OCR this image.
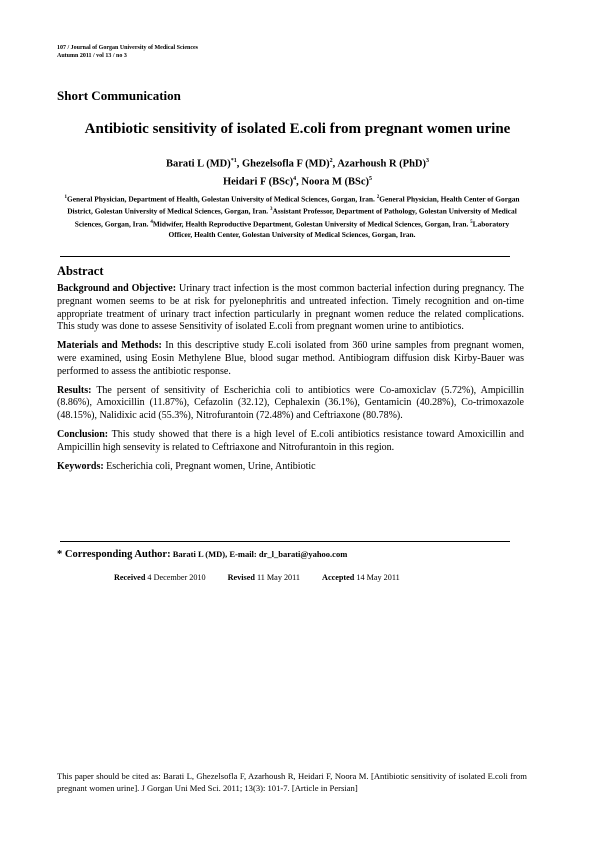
107 / Journal of Gorgan University of Medical Sciences
Autumn 2011 / vol 13 / no 3
Short Communication
Antibiotic sensitivity of isolated E.coli from pregnant women urine
Barati L (MD)$^{*1}$, Ghezelsofla F (MD)$^2$, Azarhoush R (PhD)$^3$
Heidari F (BSc)$^4$, Noora M (BSc)$^5$
$^1$General Physician, Department of Health, Golestan University of Medical Sciences, Gorgan, Iran. $^2$General Physician, Health Center of Gorgan District, Golestan University of Medical Sciences, Gorgan, Iran. $^3$Assistant Professor, Department of Pathology, Golestan University of Medical Sciences, Gorgan, Iran. $^4$Midwifer, Health Reproductive Department, Golestan University of Medical Sciences, Gorgan, Iran. $^5$Laboratory Officer, Health Center, Golestan University of Medical Sciences, Gorgan, Iran.
Abstract

Background and Objective: Urinary tract infection is the most common bacterial infection during pregnancy. The pregnant women seems to be at risk for pyelonephritis and untreated infection. Timely recognition and on-time appropriate treatment of urinary tract infection particularly in pregnant women reduce the related complications. This study was done to assese Sensitivity of isolated E.coli from pregnant women urine to antibiotics.

Materials and Methods: In this descriptive study E.coli isolated from 360 urine samples from pregnant women, were examined, using Eosin Methylene Blue, blood sugar method. Antibiogram diffusion disk Kirby-Bauer was performed to assess the antibiotic response.

Results: The persent of sensitivity of Escherichia coli to antibiotics were Co-amoxiclav (5.72%), Ampicillin (8.86%), Amoxicillin (11.87%), Cefazolin (32.12), Cephalexin (36.1%), Gentamicin (40.28%), Co-trimoxazole (48.15%), Nalidixic acid (55.3%), Nitrofurantoin (72.48%) and Ceftriaxone (80.78%).

Conclusion: This study showed that there is a high level of E.coli antibiotics resistance toward Amoxicillin and Ampicillin high sensevity is related to Ceftriaxone and Nitrofurantoin in this region.

Keywords: Escherichia coli, Pregnant women, Urine, Antibiotic

* Corresponding Author: Barati L (MD), E-mail: dr_l_barati@yahoo.com
Received 4 December 2010	Revised 11 May 2011	Accepted 14 May 2011
This paper should be cited as: Barati L, Ghezelsofla F, Azarhoush R, Heidari F, Noora M. [Antibiotic sensitivity of isolated E.coli from pregnant women urine]. J Gorgan Uni Med Sci. 2011; 13(3): 101-7. [Article in Persian]
